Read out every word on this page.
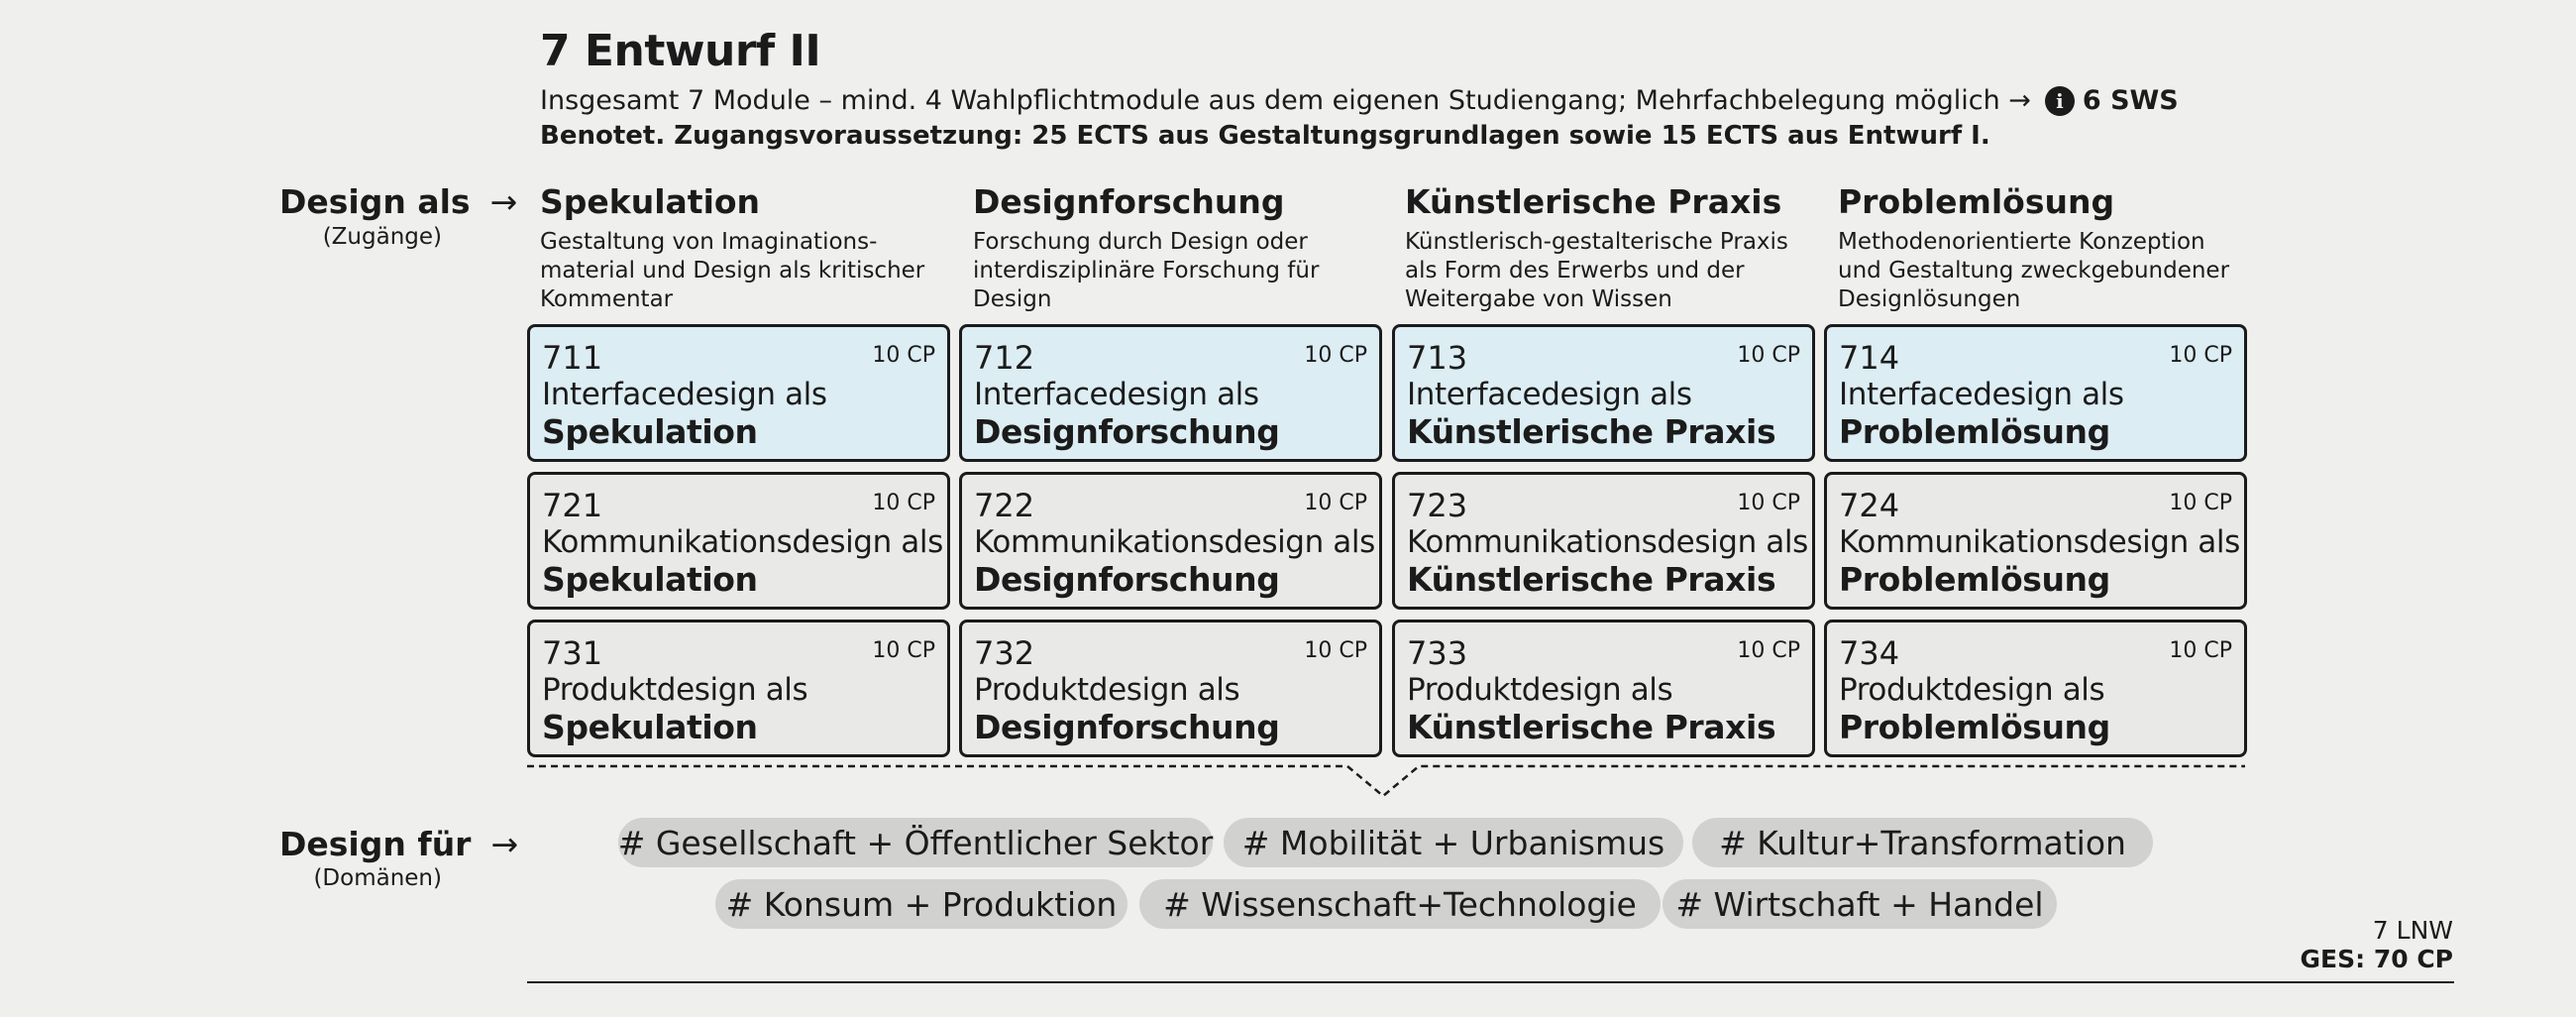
7 Entwurf II
Insgesamt 7 Module – mind. 4 Wahlpflichtmodule aus dem eigenen Studiengang; Mehrfachbelegung möglich →	i 6 SWS
Benotet. Zugangsvoraussetzung: 25 ECTS aus Gestaltungsgrundlagen sowie 15 ECTS aus Entwurf I.
Design als →
(Zugänge)
Spekulation
Gestaltung von Imaginations-material und Design als kritischer Kommentar
Designforschung
Forschung durch Design oder interdisziplinäre Forschung für Design
Künstlerische Praxis
Künstlerisch-gestalterische Praxis als Form des Erwerbs und der Weitergabe von Wissen
Problemlösung
Methodenorientierte Konzeption und Gestaltung zweckgebundener Designlösungen
711	10 CP
Interfacedesign als
Spekulation
712	10 CP
Interfacedesign als
Designforschung
713	10 CP
Interfacedesign als
Künstlerische Praxis
714	10 CP
Interfacedesign als
Problemlösung
721	10 CP
Kommunikationsdesign als
Spekulation
722	10 CP
Kommunikationsdesign als
Designforschung
723	10 CP
Kommunikationsdesign als
Künstlerische Praxis
724	10 CP
Kommunikationsdesign als
Problemlösung
731	10 CP
Produktdesign als
Spekulation
732	10 CP
Produktdesign als
Designforschung
733	10 CP
Produktdesign als
Künstlerische Praxis
734	10 CP
Produktdesign als
Problemlösung
Design für →
(Domänen)
# Gesellschaft + Öffentlicher Sektor # Mobilität + Urbanismus	# Kultur+Transformation
# Konsum + Produktion	# Wissenschaft+Technologie	# Wirtschaft + Handel
7 LNW
GES: 70 CP
